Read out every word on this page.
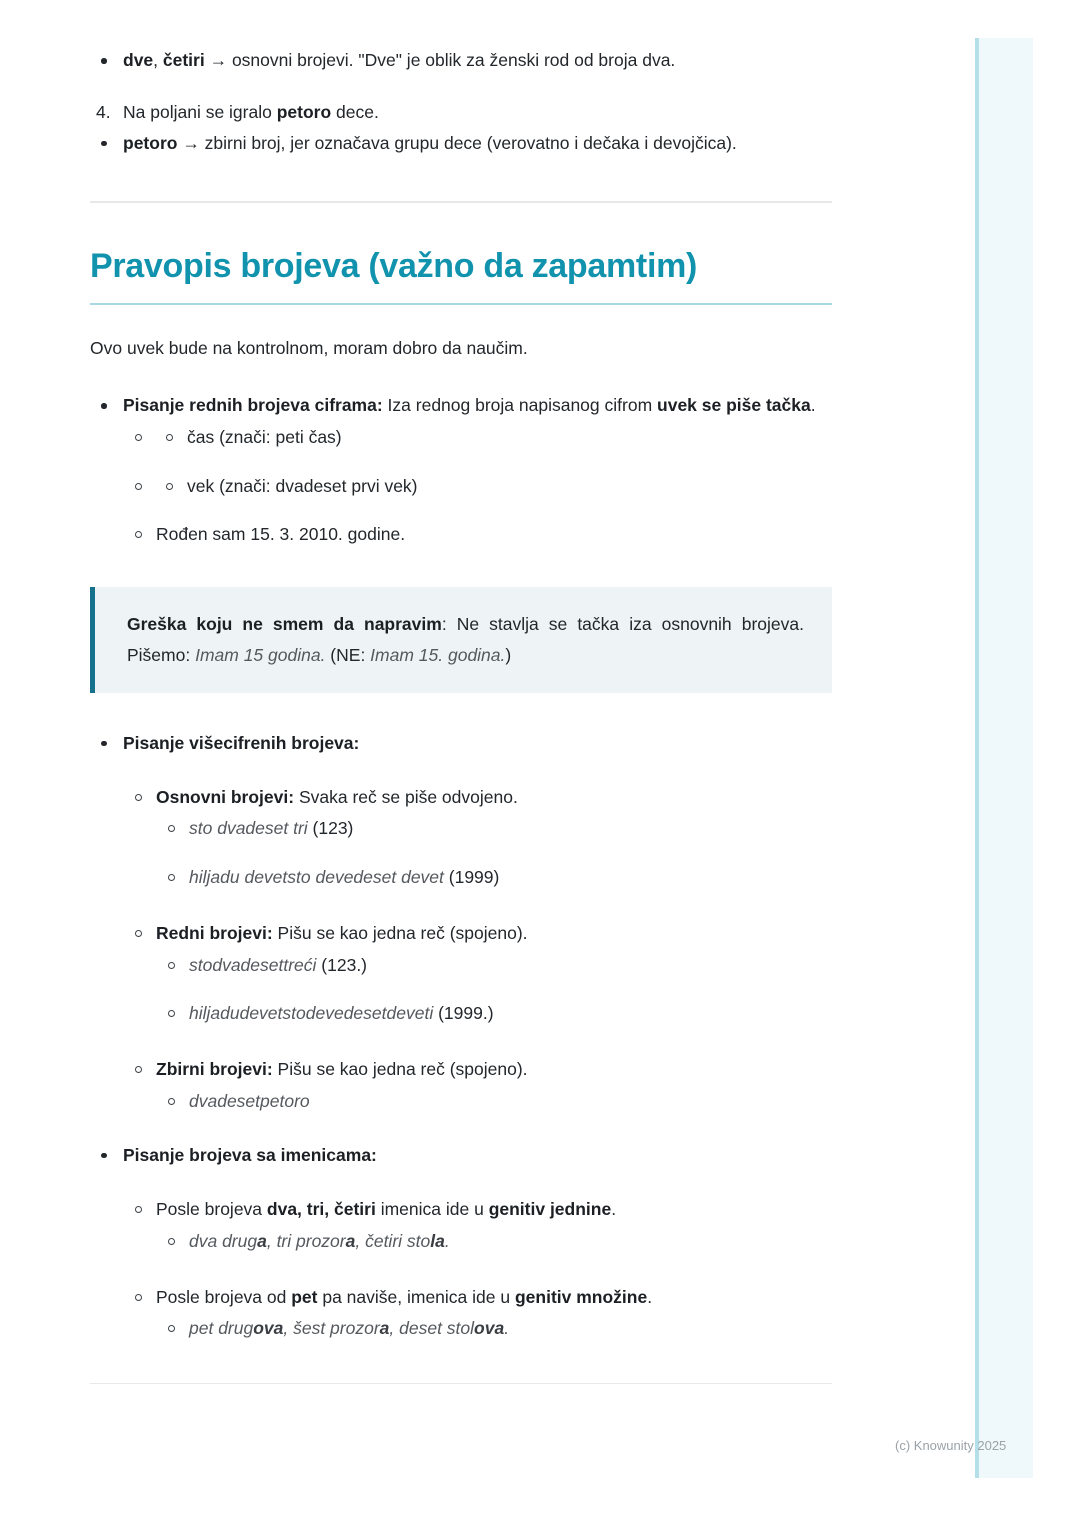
dve, četiri → osnovni brojevi. "Dve" je oblik za ženski rod od broja dva.
4. Na poljani se igralo petoro dece.
petoro → zbirni broj, jer označava grupu dece (verovatno i dečaka i devojčica).
Pravopis brojeva (važno da zapamtim)

Ovo uvek bude na kontrolnom, moram dobro da naučim.

Pisanje rednih brojeva ciframa: Iza rednog broja napisanog cifrom uvek se piše tačka.
čas (znači: peti čas)
vek (znači: dvadeset prvi vek)
Rođen sam 15. 3. 2010. godine.

Greška koju ne smem da napravim: Ne stavlja se tačka iza osnovnih brojeva. Pišemo: Imam 15 godina. (NE: Imam 15. godina.)

Pisanje višecifrenih brojeva:
Osnovni brojevi: Svaka reč se piše odvojeno.
sto dvadeset tri (123)
hiljadu devetsto devedeset devet (1999)
Redni brojevi: Pišu se kao jedna reč (spojeno).
stodvadesettreći (123.)
hiljadudevetstodevedesetdeveti (1999.)
Zbirni brojevi: Pišu se kao jedna reč (spojeno).
dvadesetpetoro
Pisanje brojeva sa imenicama:
Posle brojeva dva, tri, četiri imenica ide u genitiv jednine.
dva druga, tri prozora, četiri stola.
Posle brojeva od pet pa naviše, imenica ide u genitiv množine.
pet drugova, šest prozora, deset stolova.
(c) Knowunity 2025
